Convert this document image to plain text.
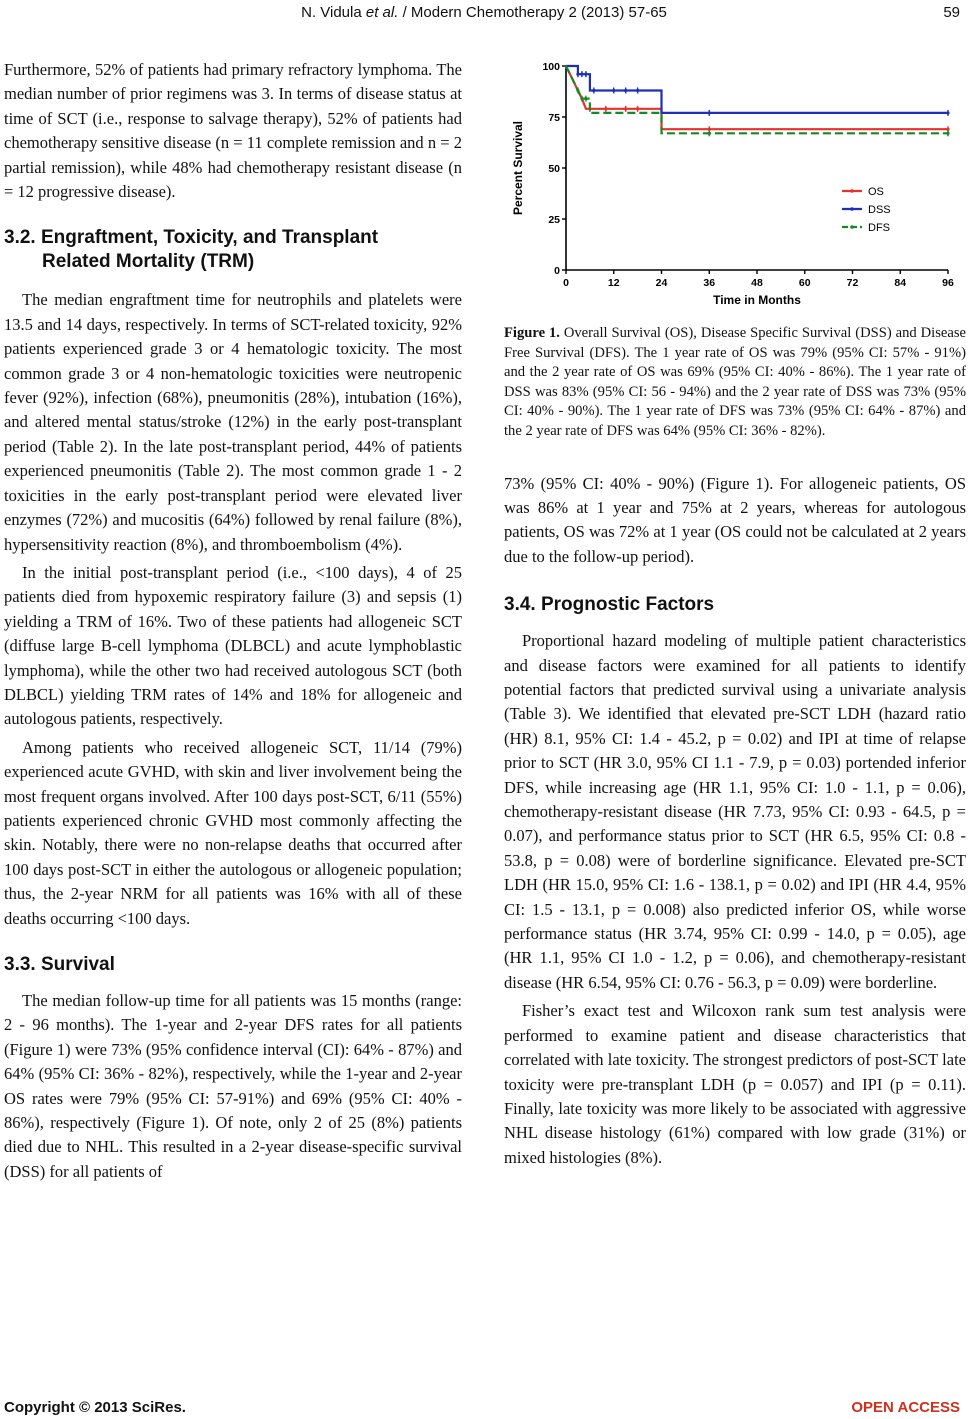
N. Vidula et al. / Modern Chemotherapy 2 (2013) 57-65	59

Furthermore, 52% of patients had primary refractory lymphoma. The median number of prior regimens was 3. In terms of disease status at time of SCT (i.e., response to salvage therapy), 52% of patients had chemotherapy sensitive disease (n = 11 complete remission and n = 2 partial remission), while 48% had chemotherapy resistant disease (n = 12 progressive disease).

3.2. Engraftment, Toxicity, and Transplant
Related Mortality (TRM)

The median engraftment time for neutrophils and platelets were 13.5 and 14 days, respectively. In terms of SCT-related toxicity, 92% patients experienced grade 3 or 4 hematologic toxicity. The most common grade 3 or 4 non-hematologic toxicities were neutropenic fever (92%), infection (68%), pneumonitis (28%), intubation (16%), and altered mental status/stroke (12%) in the early post-transplant period (Table 2). In the late post-transplant period, 44% of patients experienced pneumonitis (Table 2). The most common grade 1 - 2 toxicities in the early post-transplant period were elevated liver enzymes (72%) and mucositis (64%) followed by renal failure (8%), hypersensitivity reaction (8%), and thromboembolism (4%).

In the initial post-transplant period (i.e., <100 days), 4 of 25 patients died from hypoxemic respiratory failure (3) and sepsis (1) yielding a TRM of 16%. Two of these patients had allogeneic SCT (diffuse large B-cell lymphoma (DLBCL) and acute lymphoblastic lymphoma), while the other two had received autologous SCT (both DLBCL) yielding TRM rates of 14% and 18% for allogeneic and autologous patients, respectively.

Among patients who received allogeneic SCT, 11/14 (79%) experienced acute GVHD, with skin and liver involvement being the most frequent organs involved. After 100 days post-SCT, 6/11 (55%) patients experienced chronic GVHD most commonly affecting the skin. Notably, there were no non-relapse deaths that occurred after 100 days post-SCT in either the autologous or allogeneic population; thus, the 2-year NRM for all patients was 16% with all of these deaths occurring <100 days.

3.3. Survival

The median follow-up time for all patients was 15 months (range: 2 - 96 months). The 1-year and 2-year DFS rates for all patients (Figure 1) were 73% (95% confidence interval (CI): 64% - 87%) and 64% (95% CI: 36% - 82%), respectively, while the 1-year and 2-year OS rates were 79% (95% CI: 57-91%) and 69% (95% CI: 40% - 86%), respectively (Figure 1). Of note, only 2 of 25 (8%) patients died due to NHL. This resulted in a 2-year disease-specific survival (DSS) for all patients of

0	12	24	36	48	60	72	84	96
0
25
50
75
100
Time in Months
Percent Survival	OS
DSS
DFS
Figure 1. Overall Survival (OS), Disease Specific Survival (DSS) and Disease Free Survival (DFS). The 1 year rate of OS was 79% (95% CI: 57% - 91%) and the 2 year rate of OS was 69% (95% CI: 40% - 86%). The 1 year rate of DSS was 83% (95% CI: 56 - 94%) and the 2 year rate of DSS was 73% (95% CI: 40% - 90%). The 1 year rate of DFS was 73% (95% CI: 64% - 87%) and the 2 year rate of DFS was 64% (95% CI: 36% - 82%).

73% (95% CI: 40% - 90%) (Figure 1). For allogeneic patients, OS was 86% at 1 year and 75% at 2 years, whereas for autologous patients, OS was 72% at 1 year (OS could not be calculated at 2 years due to the follow-up period).

3.4. Prognostic Factors

Proportional hazard modeling of multiple patient characteristics and disease factors were examined for all patients to identify potential factors that predicted survival using a univariate analysis (Table 3). We identified that elevated pre-SCT LDH (hazard ratio (HR) 8.1, 95% CI: 1.4 - 45.2, p = 0.02) and IPI at time of relapse prior to SCT (HR 3.0, 95% CI 1.1 - 7.9, p = 0.03) portended inferior DFS, while increasing age (HR 1.1, 95% CI: 1.0 - 1.1, p = 0.06), chemotherapy-resistant disease (HR 7.73, 95% CI: 0.93 - 64.5, p = 0.07), and performance status prior to SCT (HR 6.5, 95% CI: 0.8 - 53.8, p = 0.08) were of borderline significance. Elevated pre-SCT LDH (HR 15.0, 95% CI: 1.6 - 138.1, p = 0.02) and IPI (HR 4.4, 95% CI: 1.5 - 13.1, p = 0.008) also predicted inferior OS, while worse performance status (HR 3.74, 95% CI: 0.99 - 14.0, p = 0.05), age (HR 1.1, 95% CI 1.0 - 1.2, p = 0.06), and chemotherapy-resistant disease (HR 6.54, 95% CI: 0.76 - 56.3, p = 0.09) were borderline.

Fisher’s exact test and Wilcoxon rank sum test analysis were performed to examine patient and disease characteristics that correlated with late toxicity. The strongest predictors of post-SCT late toxicity were pre-transplant LDH (p = 0.057) and IPI (p = 0.11). Finally, late toxicity was more likely to be associated with aggressive NHL disease histology (61%) compared with low grade (31%) or mixed histologies (8%).

Copyright © 2013 SciRes.	OPEN ACCESS
